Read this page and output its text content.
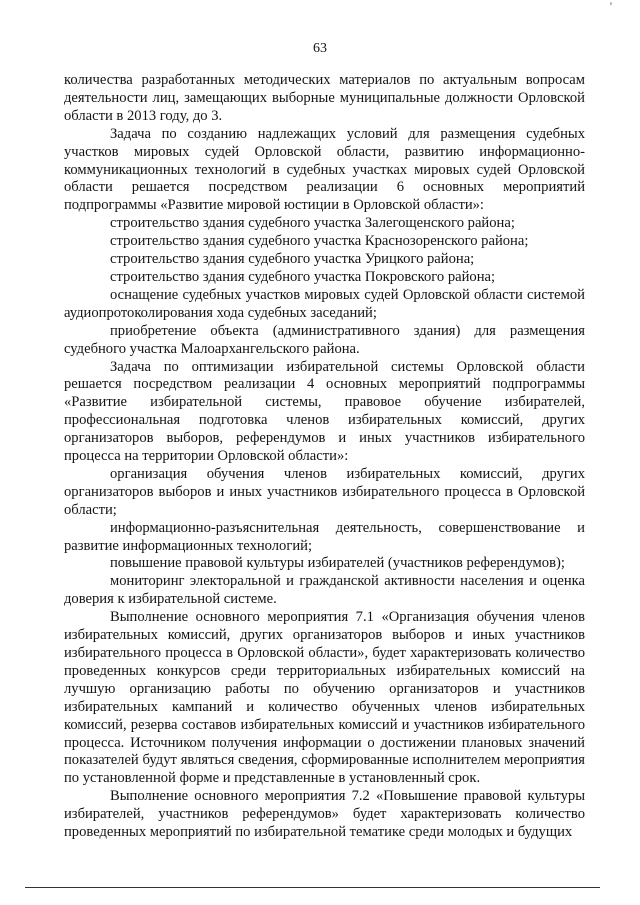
'
63

количества разработанных методических материалов по актуальным вопросам деятельности лиц, замещающих выборные муниципальные должности Орловской области в 2013 году, до 3.

Задача по созданию надлежащих условий для размещения судебных участков мировых судей Орловской области, развитию информационно-коммуникационных технологий в судебных участках мировых судей Орловской области решается посредством реализации 6 основных мероприятий подпрограммы «Развитие мировой юстиции в Орловской области»:

строительство здания судебного участка Залегощенского района;

строительство здания судебного участка Краснозоренского района;

строительство здания судебного участка Урицкого района;

строительство здания судебного участка Покровского района;

оснащение судебных участков мировых судей Орловской области системой аудиопротоколирования хода судебных заседаний;

приобретение объекта (административного здания) для размещения судебного участка Малоархангельского района.

Задача по оптимизации избирательной системы Орловской области решается посредством реализации 4 основных мероприятий подпрограммы «Развитие избирательной системы, правовое обучение избирателей, профессиональная подготовка членов избирательных комиссий, других организаторов выборов, референдумов и иных участников избирательного процесса на территории Орловской области»:

организация обучения членов избирательных комиссий, других организаторов выборов и иных участников избирательного процесса в Орловской области;

информационно-разъяснительная деятельность, совершенствование и развитие информационных технологий;

повышение правовой культуры избирателей (участников референдумов);

мониторинг электоральной и гражданской активности населения и оценка доверия к избирательной системе.

Выполнение основного мероприятия 7.1 «Организация обучения членов избирательных комиссий, других организаторов выборов и иных участников избирательного процесса в Орловской области», будет характеризовать количество проведенных конкурсов среди территориальных избирательных комиссий на лучшую организацию работы по обучению организаторов и участников избирательных кампаний и количество обученных членов избирательных комиссий, резерва составов избирательных комиссий и участников избирательного процесса. Источником получения информации о достижении плановых значений показателей будут являться сведения, сформированные исполнителем мероприятия по установленной форме и представленные в установленный срок.

Выполнение основного мероприятия 7.2 «Повышение правовой культуры избирателей, участников референдумов» будет характеризовать количество проведенных мероприятий по избирательной тематике среди молодых и будущих
